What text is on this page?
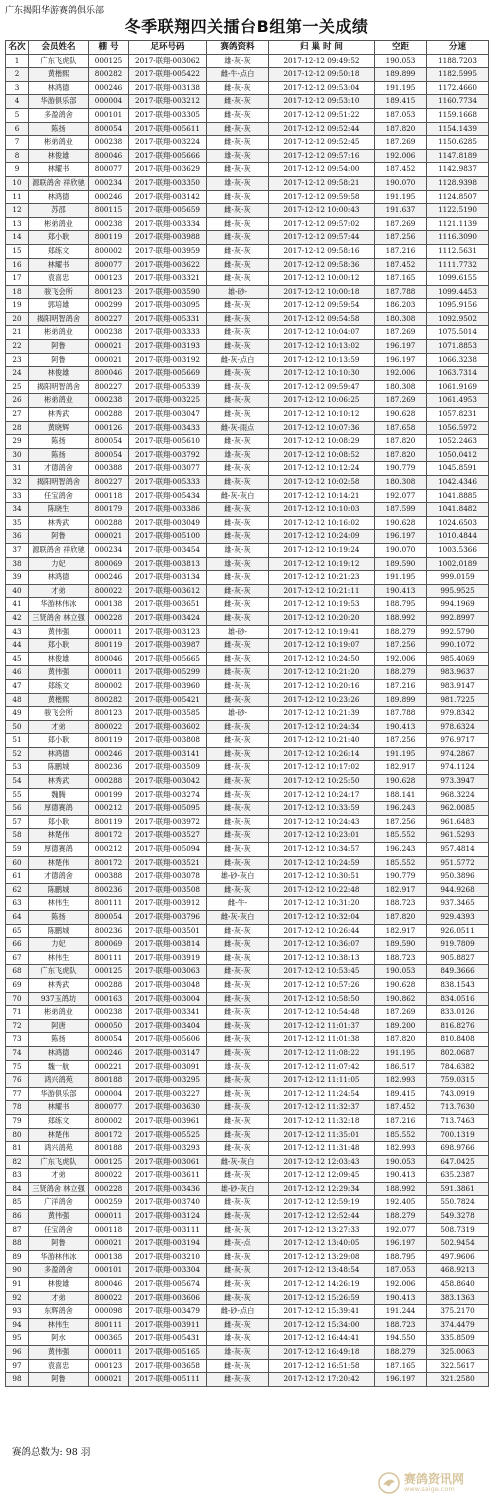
广东揭阳华游赛鸽俱乐部
冬季联翔四关擂台B组第一关成绩
名次	会员姓名	棚 号	足环号码	赛鸽资料	归 巢 时 间	空距	分速
1	广东飞虎队	000125	2017-联翔-003062	雄-灰-灰	2017-12-12 09:49:52	190.053	1188.7203
2	黄楷熙	800282	2017-联翔-005422	雌-牛-点白	2017-12-12 09:50:18	189.899	1182.5995
3	林鸿德	000246	2017-联翔-003138	雌-灰-灰	2017-12-12 09:53:04	191.195	1172.4660
4	华游俱乐部	000004	2017-联翔-003212	雌-灰-灰	2017-12-12 09:53:10	189.415	1160.7734
5	多盈鸽舍	000101	2017-联翔-003305	雌-灰-灰	2017-12-12 09:51:22	187.053	1159.1668
6	陈扬	800054	2017-联翔-005611	雌-灰-灰	2017-12-12 09:52:44	187.820	1154.1439
7	彬弟鸽业	000238	2017-联翔-003224	雌-灰-灰	2017-12-12 09:52:45	187.269	1150.6285
8	林俊雄	800046	2017-联翔-005666	雄-灰-灰	2017-12-12 09:57:16	192.006	1147.8189
9	林耀书	800077	2017-联翔-003629	雌-灰-灰	2017-12-12 09:54:00	187.452	1142.9837
10	源联鸽舍 祥欣驰	000234	2017-联翔-003350	雄-灰-灰	2017-12-12 09:58:21	190.070	1128.9398
11	林鸿德	000246	2017-联翔-003142	雌-灰-灰	2017-12-12 09:59:58	191.195	1124.8507
12	苏邵	800115	2017-联翔-005659	雌-灰-灰	2017-12-12 10:00:43	191.637	1122.5190
13	彬弟鸽业	000238	2017-联翔-003334	雌-灰-灰	2017-12-12 09:57:02	187.269	1121.1139
14	郑小耿	800119	2017-联翔-003988	雌-灰-灰	2017-12-12 09:57:44	187.256	1116.3090
15	郑练文	800002	2017-联翔-003959	雌-灰-灰	2017-12-12 09:58:16	187.216	1112.5631
16	林耀书	800077	2017-联翔-003622	雌-灰-灰	2017-12-12 09:58:36	187.452	1111.7732
17	袁喜忠	000123	2017-联翔-003321	雌-灰-灰	2017-12-12 10:00:12	187.165	1099.6155
18	骏飞会所	800123	2017-联翔-003590	雄-砂-	2017-12-12 10:00:18	187.788	1099.4453
19	郭培雄	000299	2017-联翔-003095	雌-灰-灰	2017-12-12 09:59:54	186.203	1095.9156
20	揭阳明智鸽舍	800227	2017-联翔-005331	雌-灰-灰	2017-12-12 09:54:58	180.308	1092.9502
21	彬弟鸽业	000238	2017-联翔-003333	雌-灰-灰	2017-12-12 10:04:07	187.269	1075.5014
22	阿鲁	000021	2017-联翔-003193	雌-灰-灰	2017-12-12 10:13:02	196.197	1071.8853
23	阿鲁	000021	2017-联翔-003192	雌-灰-点白	2017-12-12 10:13:59	196.197	1066.3238
24	林俊雄	800046	2017-联翔-005669	雌-灰-灰	2017-12-12 10:10:30	192.006	1063.7314
25	揭阳明智鸽舍	800227	2017-联翔-005339	雌-灰-灰	2017-12-12 09:59:47	180.308	1061.9169
26	彬弟鸽业	000238	2017-联翔-003225	雌-灰-灰	2017-12-12 10:06:25	187.269	1061.4953
27	林秀武	000288	2017-联翔-003047	雌-灰-灰	2017-12-12 10:10:12	190.628	1057.8231
28	黄晓辉	000126	2017-联翔-003433	雌-灰-雨点	2017-12-12 10:07:36	187.658	1056.5972
29	陈扬	800054	2017-联翔-005610	雌-灰-灰	2017-12-12 10:08:29	187.820	1052.2463
30	陈扬	800054	2017-联翔-003792	雄-灰-灰	2017-12-12 10:08:52	187.820	1050.0412
31	才德鸽舍	000388	2017-联翔-003077	雌-灰-灰	2017-12-12 10:12:24	190.779	1045.8591
32	揭阳明智鸽舍	800227	2017-联翔-005333	雌-灰-灰	2017-12-12 10:02:58	180.308	1042.4346
33	任宝鸽舍	000118	2017-联翔-005434	雌-灰-灰白	2017-12-12 10:14:21	192.077	1041.8885
34	陈晓生	800179	2017-联翔-003386	雌-灰-灰	2017-12-12 10:10:03	187.599	1041.8482
35	林秀武	000288	2017-联翔-003049	雌-灰-灰	2017-12-12 10:16:02	190.628	1024.6503
36	阿鲁	000021	2017-联翔-005100	雌-灰-灰	2017-12-12 10:24:09	196.197	1010.4844
37	源联鸽舍 祥欣驰	000234	2017-联翔-003454	雄-灰-灰	2017-12-12 10:19:24	190.070	1003.5366
38	力妃	800069	2017-联翔-003813	雄-灰-灰	2017-12-12 10:19:12	189.590	1002.0189
39	林鸿德	000246	2017-联翔-003134	雌-灰-灰	2017-12-12 10:21:23	191.195	999.0159
40	才弟	800022	2017-联翔-003612	雌-灰-灰	2017-12-12 10:21:11	190.413	995.9525
41	华游林伟冰	000138	2017-联翔-003651	雌-灰-灰	2017-12-12 10:19:53	188.795	994.1969
42	三贤鸽舍 林立强	000228	2017-联翔-003424	雌-灰-灰	2017-12-12 10:20:20	188.992	992.8997
43	黄伟强	000011	2017-联翔-003123	雄-砂-	2017-12-12 10:19:41	188.279	992.5790
44	郑小耿	800119	2017-联翔-003987	雌-灰-灰	2017-12-12 10:19:07	187.256	990.1072
45	林俊雄	800046	2017-联翔-005665	雌-灰-灰	2017-12-12 10:24:50	192.006	985.4069
46	黄伟强	000011	2017-联翔-005299	雌-灰-灰	2017-12-12 10:21:20	188.279	983.9637
47	郑练文	800002	2017-联翔-003960	雌-灰-灰	2017-12-12 10:20:16	187.216	983.9147
48	黄楷熙	800282	2017-联翔-005421	雌-灰-灰	2017-12-12 10:23:26	189.899	981.7225
49	骏飞会所	800123	2017-联翔-003585	雄-砂-	2017-12-12 10:21:39	187.788	979.8342
50	才弟	800022	2017-联翔-003602	雌-灰-灰	2017-12-12 10:24:34	190.413	978.6324
51	郑小耿	800119	2017-联翔-003808	雌-灰-灰	2017-12-12 10:21:40	187.256	976.9717
52	林鸿德	000246	2017-联翔-003141	雌-灰-灰	2017-12-12 10:26:14	191.195	974.2867
53	陈鹏城	800236	2017-联翔-003509	雌-灰-灰	2017-12-12 10:17:02	182.917	974.1124
54	林秀武	000288	2017-联翔-003042	雌-灰-灰	2017-12-12 10:25:50	190.628	973.3947
55	魏腾	000199	2017-联翔-003274	雌-灰-灰	2017-12-12 10:24:17	188.141	968.3224
56	厚德赛鸽	000212	2017-联翔-005095	雌-灰-灰	2017-12-12 10:33:59	196.243	962.0085
57	郑小耿	800119	2017-联翔-003972	雌-灰-灰	2017-12-12 10:24:43	187.256	961.6483
58	林楚伟	800172	2017-联翔-003527	雌-灰-灰	2017-12-12 10:23:01	185.552	961.5293
59	厚德赛鸽	000212	2017-联翔-005094	雌-灰-灰	2017-12-12 10:34:57	196.243	957.4814
60	林楚伟	800172	2017-联翔-003521	雌-灰-灰	2017-12-12 10:24:59	185.552	951.5772
61	才德鸽舍	000388	2017-联翔-003078	雄-砂-灰白	2017-12-12 10:30:51	190.779	950.3896
62	陈鹏城	800236	2017-联翔-003508	雌-灰-灰	2017-12-12 10:22:48	182.917	944.9268
63	林伟生	800111	2017-联翔-003912	雌-牛-	2017-12-12 10:31:20	188.723	937.3465
64	陈扬	800054	2017-联翔-003796	雌-灰-灰白	2017-12-12 10:32:04	187.820	929.4393
65	陈鹏城	800236	2017-联翔-003501	雌-灰-灰	2017-12-12 10:26:44	182.917	926.0511
66	力妃	800069	2017-联翔-003814	雌-灰-灰	2017-12-12 10:36:07	189.590	919.7809
67	林伟生	800111	2017-联翔-003919	雌-灰-灰	2017-12-12 10:38:13	188.723	905.8827
68	广东飞虎队	000125	2017-联翔-003063	雌-灰-灰	2017-12-12 10:53:45	190.053	849.3666
69	林秀武	000288	2017-联翔-003048	雌-灰-灰	2017-12-12 10:57:26	190.628	838.1543
70	937玉鸽坊	000163	2017-联翔-003004	雌-灰-灰	2017-12-12 10:58:50	190.862	834.0516
71	彬弟鸽业	000238	2017-联翔-003341	雌-灰-灰	2017-12-12 10:54:48	187.269	833.0126
72	阿唐	000050	2017-联翔-003404	雌-灰-灰	2017-12-12 11:01:37	189.200	816.8276
73	陈扬	800054	2017-联翔-005606	雌-灰-灰	2017-12-12 11:01:38	187.820	810.8408
74	林鸿德	000246	2017-联翔-003147	雌-灰-灰	2017-12-12 11:08:22	191.195	802.0687
75	魏一航	000221	2017-联翔-003091	雄-灰-灰	2017-12-12 11:07:42	186.517	784.6382
76	鸿兴鸽苑	800188	2017-联翔-003295	雌-灰-灰	2017-12-12 11:11:05	182.993	759.0315
77	华游俱乐部	000004	2017-联翔-003227	雌-灰-灰	2017-12-12 11:24:54	189.415	743.0919
78	林耀书	800077	2017-联翔-003630	雌-灰-灰	2017-12-12 11:32:37	187.452	713.7630
79	郑练文	800002	2017-联翔-003961	雌-灰-灰	2017-12-12 11:32:18	187.216	713.7463
80	林楚伟	800172	2017-联翔-005525	雌-灰-灰	2017-12-12 11:35:01	185.552	700.1319
81	鸿兴鸽苑	800188	2017-联翔-003293	雌-灰-灰	2017-12-12 11:31:48	182.993	698.9766
82	广东飞虎队	000125	2017-联翔-003061	雌-灰-灰白	2017-12-12 12:03:43	190.053	647.0425
83	才弟	800022	2017-联翔-003611	雌-灰-灰	2017-12-12 12:09:45	190.413	635.2387
84	三贤鸽舍 林立强	000228	2017-联翔-003436	雄-砂-灰白	2017-12-12 12:29:34	188.992	591.3861
85	广洋鸽舍	000259	2017-联翔-003740	雌-灰-灰	2017-12-12 12:59:19	192.405	550.7824
86	黄伟强	000011	2017-联翔-003124	雌-灰-灰	2017-12-12 12:52:44	188.279	549.3278
87	任宝鸽舍	000118	2017-联翔-003111	雌-灰-灰	2017-12-12 13:27:33	192.077	508.7319
88	阿鲁	000021	2017-联翔-003194	雌-灰-点	2017-12-12 13:40:05	196.197	502.9454
89	华游林伟冰	000138	2017-联翔-003210	雌-灰-灰	2017-12-12 13:29:08	188.795	497.9606
90	多盈鸽舍	000101	2017-联翔-003304	雌-灰-灰	2017-12-12 13:48:54	187.053	468.9213
91	林俊雄	800046	2017-联翔-005674	雌-灰-灰	2017-12-12 14:26:19	192.006	458.8640
92	才弟	800022	2017-联翔-003606	雌-灰-灰	2017-12-12 15:26:59	190.413	383.1363
93	东辉鸽舍	000098	2017-联翔-003479	雌-砂-点白	2017-12-12 15:39:41	191.244	375.2170
94	林伟生	800111	2017-联翔-003911	雌-灰-灰	2017-12-12 15:34:00	188.723	374.4479
95	阿水	000365	2017-联翔-005431	雄-灰-灰	2017-12-12 16:44:41	194.550	335.8509
96	黄伟强	000011	2017-联翔-005165	雄-灰-灰	2017-12-12 16:49:18	188.279	325.0063
97	袁喜忠	000123	2017-联翔-003658	雌-灰-灰	2017-12-12 16:51:58	187.165	322.5617
98	阿鲁	000021	2017-联翔-005111	雌-灰-灰	2017-12-12 17:20:42	196.197	321.2580
赛鸽总数为: 98 羽
赛鸽资讯网
www.saige.com
